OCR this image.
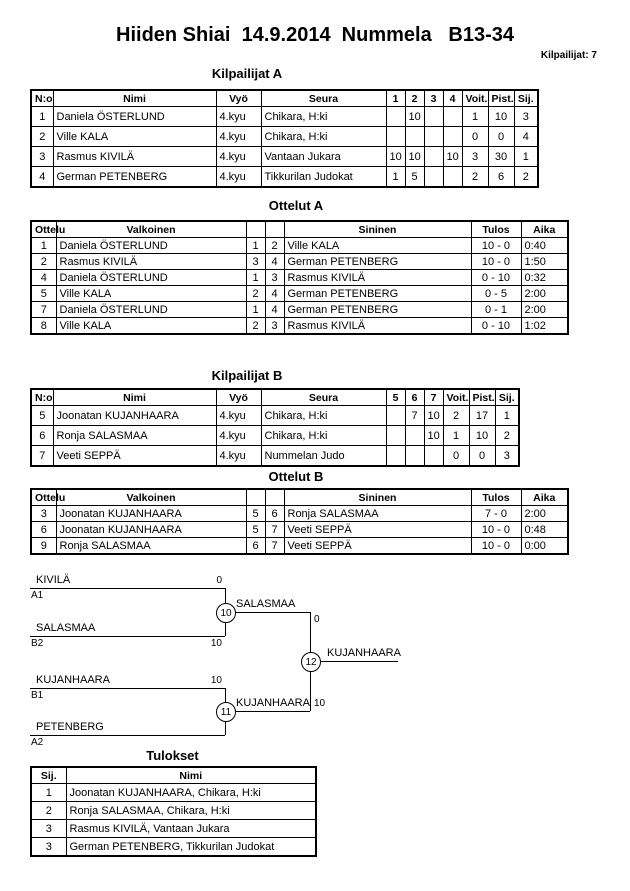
Hiiden Shiai  14.9.2014  Nummela   B13-34
Kilpailijat: 7
Kilpailijat A
N:o	Nimi	Vyö	Seura	1	2	3	4	Voit.	Pist.	Sij.
1	Daniela ÖSTERLUND	4.kyu	Chikara, H:ki		10			1	10	3
2	Ville KALA	4.kyu	Chikara, H:ki					0	0	4
3	Rasmus KIVILÄ	4.kyu	Vantaan Jukara	10	10		10	3	30	1
4	German PETENBERG	4.kyu	Tikkurilan Judokat	1	5			2	6	2
Ottelut A
Ottelu	Valkoinen			Sininen	Tulos	Aika
1	Daniela ÖSTERLUND	1	2	Ville KALA	10 - 0	0:40
2	Rasmus KIVILÄ	3	4	German PETENBERG	10 - 0	1:50
4	Daniela ÖSTERLUND	1	3	Rasmus KIVILÄ	0 - 10	0:32
5	Ville KALA	2	4	German PETENBERG	0 - 5	2:00
7	Daniela ÖSTERLUND	1	4	German PETENBERG	0 - 1	2:00
8	Ville KALA	2	3	Rasmus KIVILÄ	0 - 10	1:02
Kilpailijat B
N:o	Nimi	Vyö	Seura	5	6	7	Voit.	Pist.	Sij.
5	Joonatan KUJANHAARA	4.kyu	Chikara, H:ki		7	10	2	17	1
6	Ronja SALASMAA	4.kyu	Chikara, H:ki			10	1	10	2
7	Veeti SEPPÄ	4.kyu	Nummelan Judo				0	0	3
Ottelut B
Ottelu	Valkoinen			Sininen	Tulos	Aika
3	Joonatan KUJANHAARA	5	6	Ronja SALASMAA	7 - 0	2:00
6	Joonatan KUJANHAARA	5	7	Veeti SEPPÄ	10 - 0	0:48
9	Ronja SALASMAA	6	7	Veeti SEPPÄ	10 - 0	0:00
KIVILÄ
A1
0
SALASMAA
B2	10
10
SALASMAA
0
KUJANHAARA
B1
10
PETENBERG
A2
11
KUJANHAARA 10
12
KUJANHAARA
Tulokset
Sij.	Nimi
1	Joonatan KUJANHAARA, Chikara, H:ki
2	Ronja SALASMAA, Chikara, H:ki
3	Rasmus KIVILÄ, Vantaan Jukara
3	German PETENBERG, Tikkurilan Judokat
